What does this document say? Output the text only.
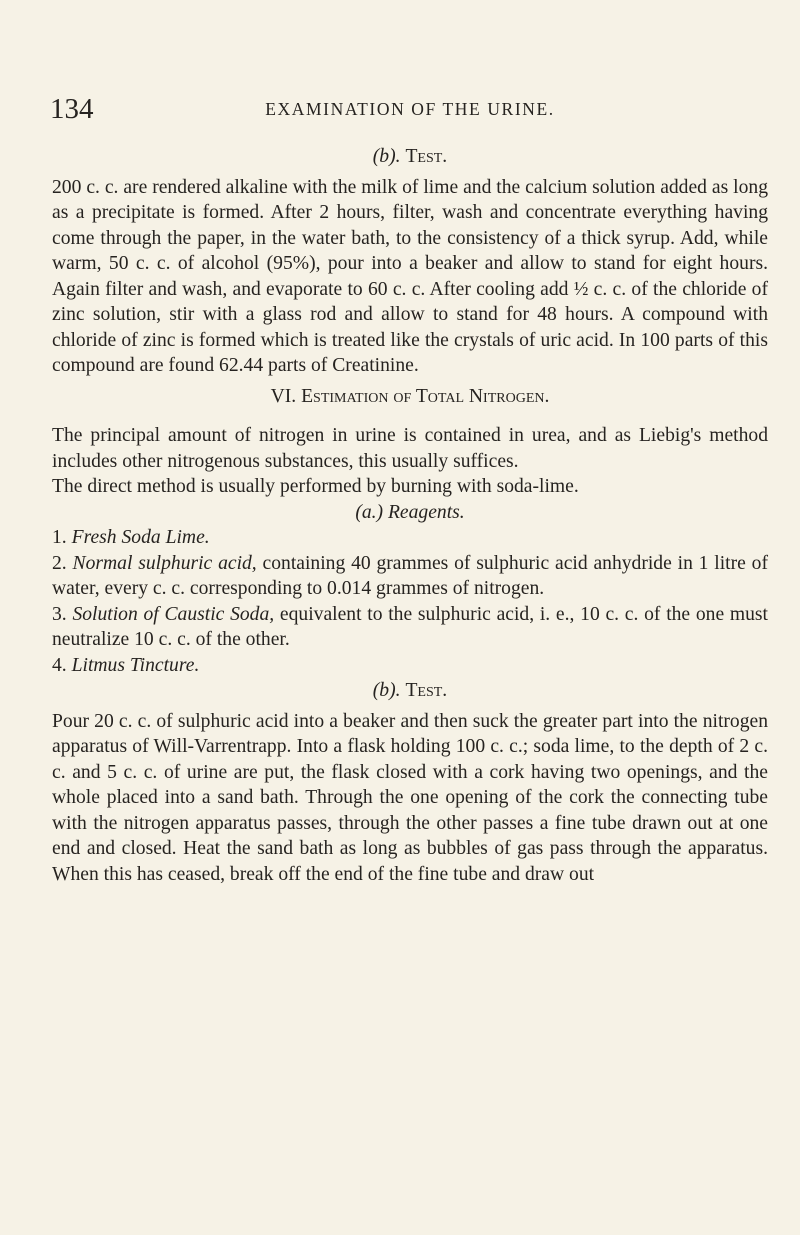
134	EXAMINATION OF THE URINE.

(b). Test.

200 c. c. are rendered alkaline with the milk of lime and the calcium solution added as long as a precipitate is formed. After 2 hours, filter, wash and concentrate everything having come through the paper, in the water bath, to the consistency of a thick syrup. Add, while warm, 50 c. c. of alcohol (95%), pour into a beaker and allow to stand for eight hours. Again filter and wash, and evaporate to 60 c. c. After cooling add ½ c. c. of the chloride of zinc solution, stir with a glass rod and allow to stand for 48 hours. A compound with chloride of zinc is formed which is treated like the crystals of uric acid. In 100 parts of this compound are found 62.44 parts of Creatinine.

VI. Estimation of Total Nitrogen.

The principal amount of nitrogen in urine is contained in urea, and as Liebig's method includes other nitrogenous substances, this usually suffices.

The direct method is usually performed by burning with soda-lime.

(a.) Reagents.

1. Fresh Soda Lime.

2. Normal sulphuric acid, containing 40 grammes of sulphuric acid anhydride in 1 litre of water, every c. c. corresponding to 0.014 grammes of nitrogen.

3. Solution of Caustic Soda, equivalent to the sulphuric acid, i. e., 10 c. c. of the one must neutralize 10 c. c. of the other.

4. Litmus Tincture.

(b). Test.

Pour 20 c. c. of sulphuric acid into a beaker and then suck the greater part into the nitrogen apparatus of Will-Varrentrapp. Into a flask holding 100 c. c.; soda lime, to the depth of 2 c. c. and 5 c. c. of urine are put, the flask closed with a cork having two openings, and the whole placed into a sand bath. Through the one opening of the cork the connecting tube with the nitrogen apparatus passes, through the other passes a fine tube drawn out at one end and closed. Heat the sand bath as long as bubbles of gas pass through the apparatus. When this has ceased, break off the end of the fine tube and draw out
